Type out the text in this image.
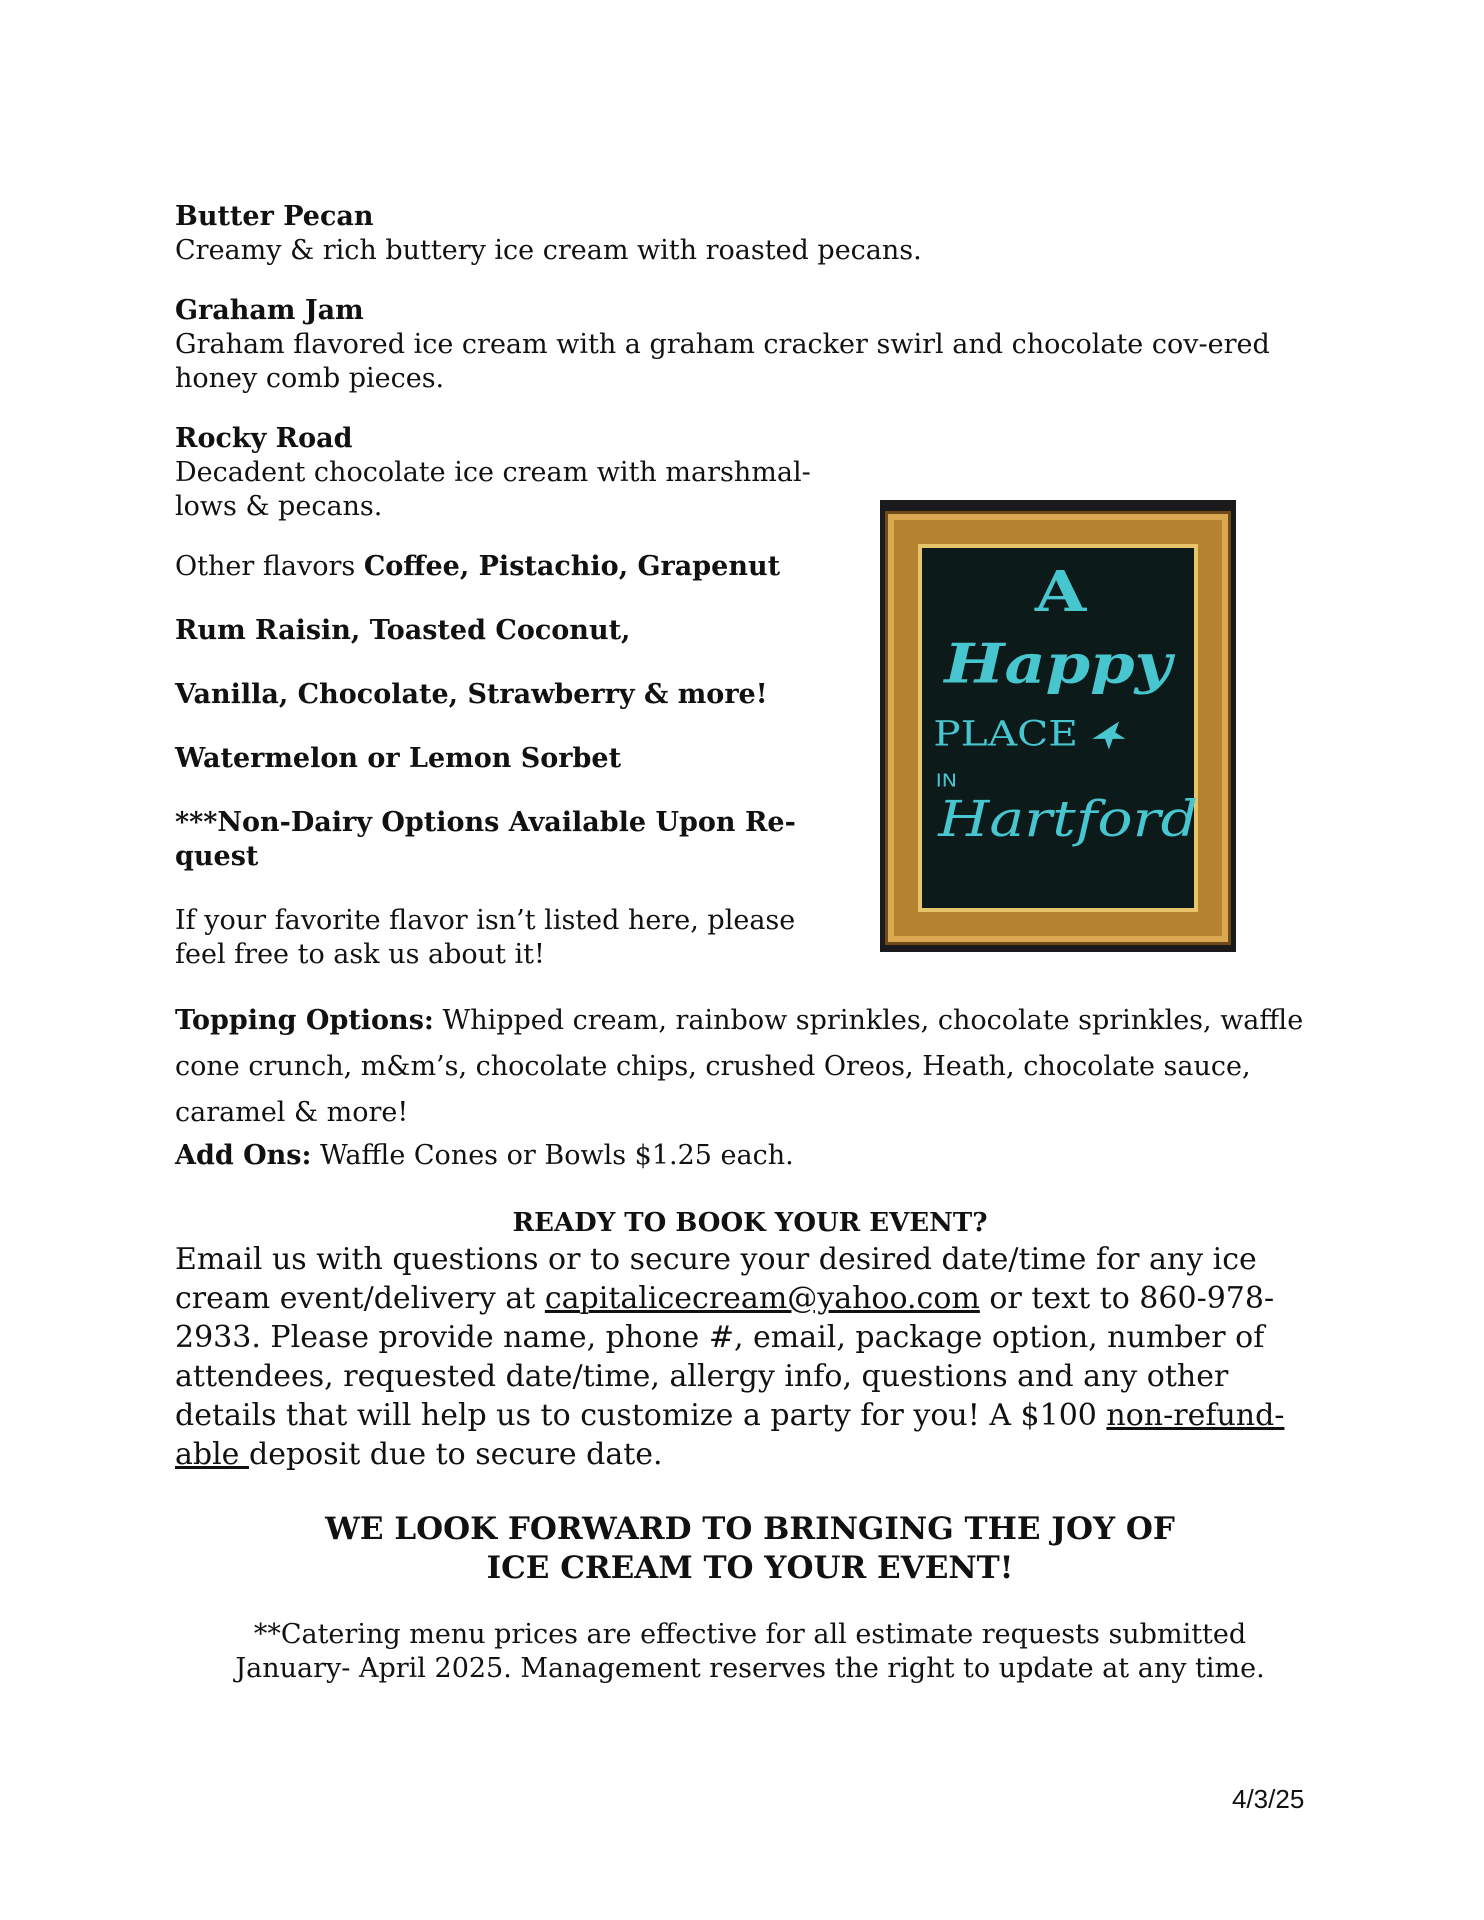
Butter Pecan
Creamy & rich buttery ice cream with roasted pecans.
Graham Jam
Graham flavored ice cream with a graham cracker swirl and chocolate cov-ered honey comb pieces.
Rocky Road
Decadent chocolate ice cream with marshmal-lows & pecans.
Other flavors Coffee, Pistachio, Grapenut
Rum Raisin, Toasted Coconut,
Vanilla, Chocolate, Strawberry & more!
Watermelon or Lemon Sorbet
***Non-Dairy Options Available Upon Re-quest
If your favorite flavor isn’t listed here, please feel free to ask us about it!
Topping Options: Whipped cream, rainbow sprinkles, chocolate sprinkles, waffle cone crunch, m&m’s, chocolate chips, crushed Oreos, Heath, chocolate sauce, caramel & more!
Add Ons: Waffle Cones or Bowls $1.25 each.
READY TO BOOK YOUR EVENT?
Email us with questions or to secure your desired date/time for any ice cream event/delivery at capitalicecream@yahoo.com or text to 860-978-2933. Please provide name, phone #, email, package option, number of attendees, requested date/time, allergy info, questions and any other details that will help us to customize a party for you! A $100 non-refund-able deposit due to secure date.
WE LOOK FORWARD TO BRINGING THE JOY OF
ICE CREAM TO YOUR EVENT!
**Catering menu prices are effective for all estimate requests submitted
January- April 2025. Management reserves the right to update at any time.
A
Happy
PLACE
IN
Hartford
4/3/25
